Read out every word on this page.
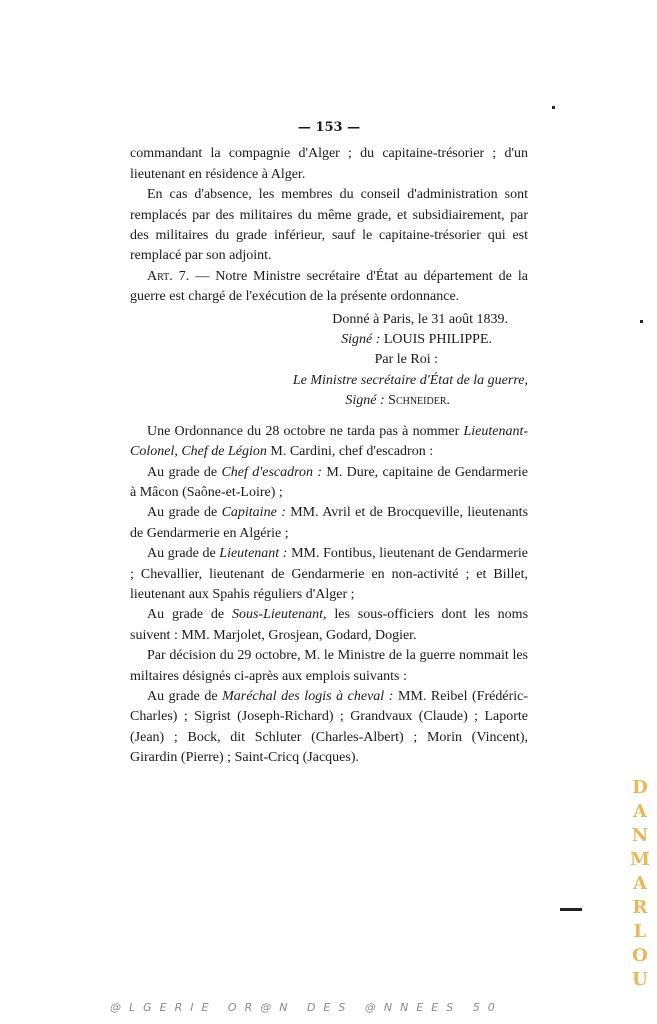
— 153 —

commandant la compagnie d'Alger ; du capitaine-trésorier ; d'un lieutenant en résidence à Alger.

En cas d'absence, les membres du conseil d'administration sont remplacés par des militaires du même grade, et subsidiairement, par des militaires du grade inférieur, sauf le capitaine-trésorier qui est remplacé par son adjoint.

Art. 7. — Notre Ministre secrétaire d'État au département de la guerre est chargé de l'exécution de la présente ordonnance.

Donné à Paris, le 31 août 1839.
Signé : LOUIS PHILIPPE.
Par le Roi :
Le Ministre secrétaire d'État de la guerre,
Signé : Schneider.

Une Ordonnance du 28 octobre ne tarda pas à nommer Lieutenant-Colonel, Chef de Légion M. Cardini, chef d'escadron :

Au grade de Chef d'escadron : M. Dure, capitaine de Gendarmerie à Mâcon (Saône-et-Loire) ;

Au grade de Capitaine : MM. Avril et de Brocqueville, lieutenants de Gendarmerie en Algérie ;

Au grade de Lieutenant : MM. Fontibus, lieutenant de Gendarmerie ; Chevallier, lieutenant de Gendarmerie en non-activité ; et Billet, lieutenant aux Spahis réguliers d'Alger ;

Au grade de Sous-Lieutenant, les sous-officiers dont les noms suivent : MM. Marjolet, Grosjean, Godard, Dogier.

Par décision du 29 octobre, M. le Ministre de la guerre nommait les miltaires désignés ci-après aux emplois suivants :

Au grade de Maréchal des logis à cheval : MM. Reibel (Frédéric-Charles) ; Sigrist (Joseph-Richard) ; Grandvaux (Claude) ; Laporte (Jean) ; Bock, dit Schluter (Charles-Albert) ; Morin (Vincent), Girardin (Pierre) ; Saint-Cricq (Jacques).

D
A
N
M
A
R
L
O
U
@LGERIE OR@N DES @NNEES 50
